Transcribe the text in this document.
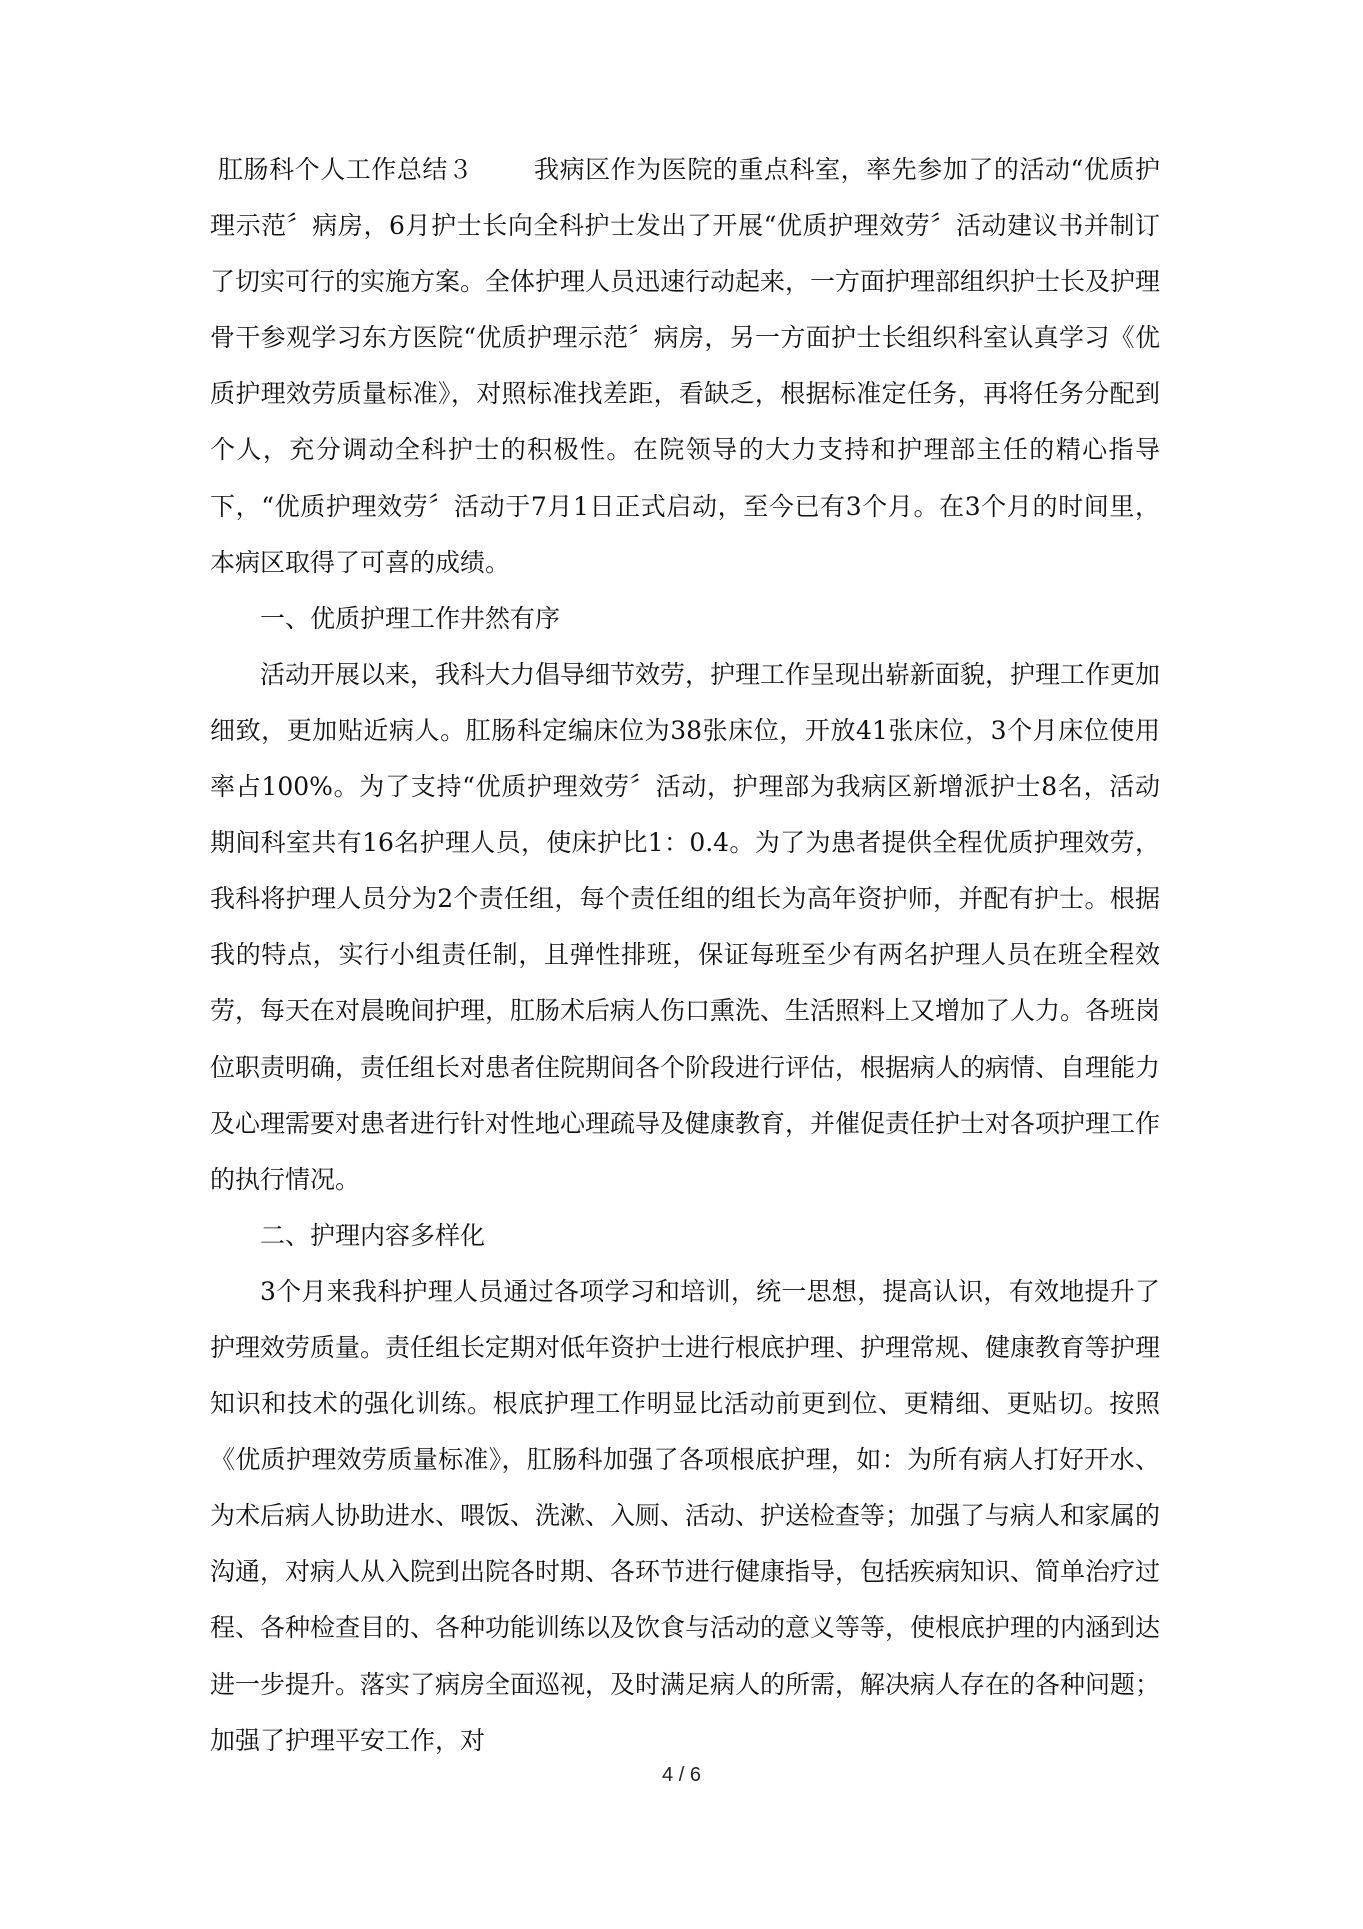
肛肠科个人工作总结３ 我病区作为医院的重点科室，率先参加了的活动“优质护理示范〞病房，6月护士长向全科护士发出了开展“优质护理效劳〞活动建议书并制订了切实可行的实施方案。全体护理人员迅速行动起来，一方面护理部组织护士长及护理骨干参观学习东方医院“优质护理示范〞病房，另一方面护士长组织科室认真学习《优质护理效劳质量标准》，对照标准找差距，看缺乏，根据标准定任务，再将任务分配到个人，充分调动全科护士的积极性。在院领导的大力支持和护理部主任的精心指导下，“优质护理效劳〞活动于7月1日正式启动，至今已有3个月。在3个月的时间里，本病区取得了可喜的成绩。

一、优质护理工作井然有序

活动开展以来，我科大力倡导细节效劳，护理工作呈现出崭新面貌，护理工作更加细致，更加贴近病人。肛肠科定编床位为38张床位，开放41张床位，3个月床位使用率占100%。为了支持“优质护理效劳〞活动，护理部为我病区新增派护士8名，活动期间科室共有16名护理人员，使床护比1：0.4。为了为患者提供全程优质护理效劳，我科将护理人员分为2个责任组，每个责任组的组长为高年资护师，并配有护士。根据我的特点，实行小组责任制，且弹性排班，保证每班至少有两名护理人员在班全程效劳，每天在对晨晚间护理，肛肠术后病人伤口熏洗、生活照料上又增加了人力。各班岗位职责明确，责任组长对患者住院期间各个阶段进行评估，根据病人的病情、自理能力及心理需要对患者进行针对性地心理疏导及健康教育，并催促责任护士对各项护理工作的执行情况。

二、护理内容多样化

3个月来我科护理人员通过各项学习和培训，统一思想，提高认识，有效地提升了护理效劳质量。责任组长定期对低年资护士进行根底护理、护理常规、健康教育等护理知识和技术的强化训练。根底护理工作明显比活动前更到位、更精细、更贴切。按照《优质护理效劳质量标准》，肛肠科加强了各项根底护理，如：为所有病人打好开水、为术后病人协助进水、喂饭、洗漱、入厕、活动、护送检查等；加强了与病人和家属的沟通，对病人从入院到出院各时期、各环节进行健康指导，包括疾病知识、简单治疗过程、各种检查目的、各种功能训练以及饮食与活动的意义等等，使根底护理的内涵到达进一步提升。落实了病房全面巡视，及时满足病人的所需，解决病人存在的各种问题；加强了护理平安工作，对

4 / 6
